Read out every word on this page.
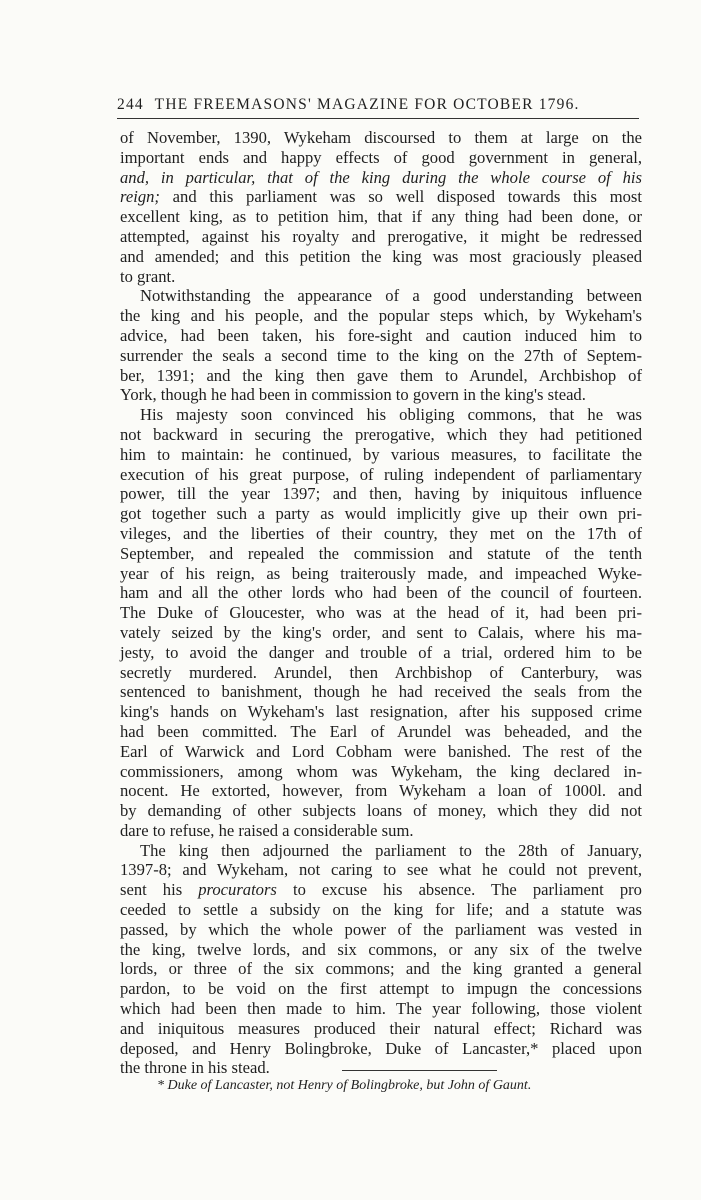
244 THE FREEMASONS' MAGAZINE FOR OCTOBER 1796.
of November, 1390, Wykeham discoursed to them at large on the
important ends and happy effects of good government in general,
and, in particular, that of the king during the whole course of his
reign; and this parliament was so well disposed towards this most
excellent king, as to petition him, that if any thing had been done, or
attempted, against his royalty and prerogative, it might be redressed
and amended; and this petition the king was most graciously pleased
to grant.
Notwithstanding the appearance of a good understanding between
the king and his people, and the popular steps which, by Wykeham's
advice, had been taken, his fore-sight and caution induced him to
surrender the seals a second time to the king on the 27th of Septem-
ber, 1391; and the king then gave them to Arundel, Archbishop of
York, though he had been in commission to govern in the king's stead.
His majesty soon convinced his obliging commons, that he was
not backward in securing the prerogative, which they had petitioned
him to maintain: he continued, by various measures, to facilitate the
execution of his great purpose, of ruling independent of parliamentary
power, till the year 1397; and then, having by iniquitous influence
got together such a party as would implicitly give up their own pri-
vileges, and the liberties of their country, they met on the 17th of
September, and repealed the commission and statute of the tenth
year of his reign, as being traiterously made, and impeached Wyke-
ham and all the other lords who had been of the council of fourteen.
The Duke of Gloucester, who was at the head of it, had been pri-
vately seized by the king's order, and sent to Calais, where his ma-
jesty, to avoid the danger and trouble of a trial, ordered him to be
secretly murdered. Arundel, then Archbishop of Canterbury, was
sentenced to banishment, though he had received the seals from the
king's hands on Wykeham's last resignation, after his supposed crime
had been committed. The Earl of Arundel was beheaded, and the
Earl of Warwick and Lord Cobham were banished. The rest of the
commissioners, among whom was Wykeham, the king declared in-
nocent. He extorted, however, from Wykeham a loan of 1000l. and
by demanding of other subjects loans of money, which they did not
dare to refuse, he raised a considerable sum.
The king then adjourned the parliament to the 28th of January,
1397-8; and Wykeham, not caring to see what he could not prevent,
sent his procurators to excuse his absence. The parliament pro
ceeded to settle a subsidy on the king for life; and a statute was
passed, by which the whole power of the parliament was vested in
the king, twelve lords, and six commons, or any six of the twelve
lords, or three of the six commons; and the king granted a general
pardon, to be void on the first attempt to impugn the concessions
which had been then made to him. The year following, those violent
and iniquitous measures produced their natural effect; Richard was
deposed, and Henry Bolingbroke, Duke of Lancaster,* placed upon
the throne in his stead.
* Duke of Lancaster, not Henry of Bolingbroke, but John of Gaunt.
